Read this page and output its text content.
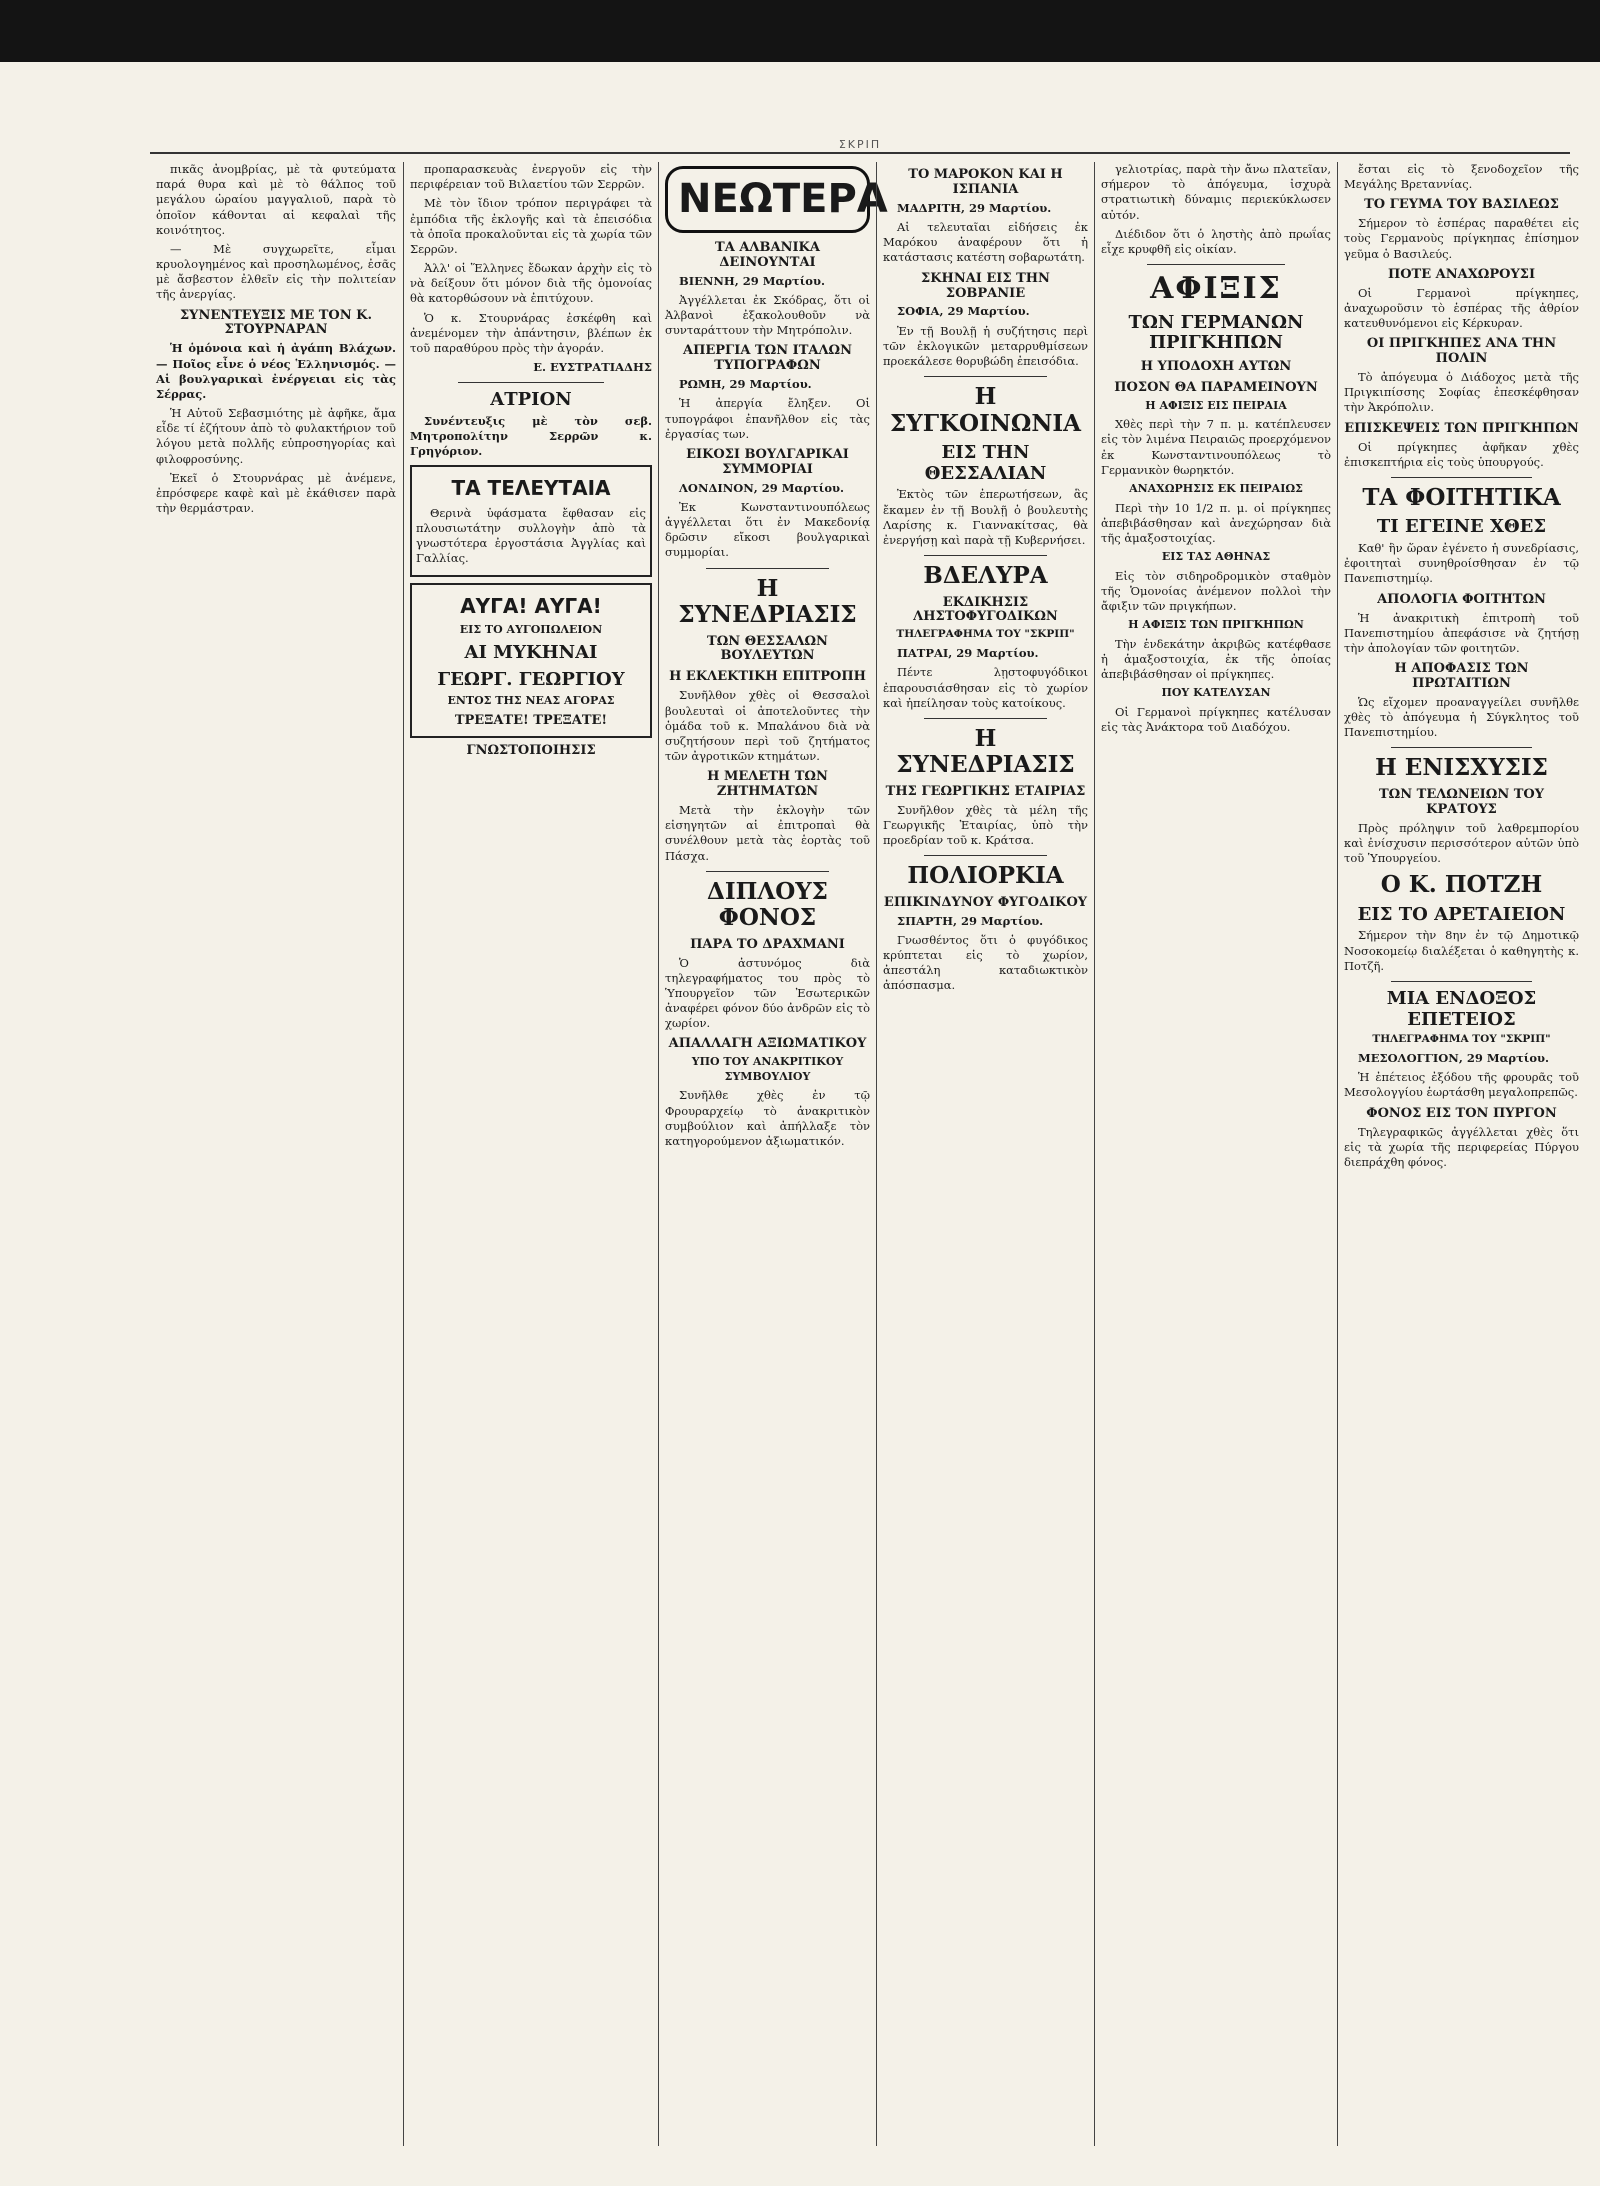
ΣΚΡΙΠ

πικᾶς ἀνομβρίας, μὲ τὰ φυτεύματα παρά θυρα καὶ μὲ τὸ θάλπος τοῦ μεγάλου ὠραίου μαγγαλιοῦ, παρὰ τὸ ὁποῖον κάθονται αἱ κεφαλαὶ τῆς κοινότητος.

— Μὲ συγχωρεῖτε, εἶμαι κρυολογημένος καὶ προσηλωμένος, ἐσᾶς μὲ ἄσβεστον ἐλθεῖν εἰς τὴν πολιτείαν τῆς ἀνεργίας.

ΣΥΝΕΝΤΕΥΞΙΣ ΜΕ ΤΟΝ Κ. ΣΤΟΥΡΝΑΡΑΝ

Ἡ ὁμόνοια καὶ ἡ ἀγάπη Βλάχων. — Ποῖος εἶνε ὁ νέος Ἑλληνισμός. — Αἱ βουλγαρικαὶ ἐνέργειαι εἰς τὰς Σέρρας.

Ἡ Αὐτοῦ Σεβασμιότης μὲ ἀφῆκε, ἄμα εἶδε τί ἐζήτουν ἀπὸ τὸ φυλακτήριον τοῦ λόγου μετὰ πολλῆς εὐπροσηγορίας καὶ φιλοφροσύνης.

Ἐκεῖ ὁ Στουρνάρας μὲ ἀνέμενε, ἐπρόσφερε καφὲ καὶ μὲ ἐκάθισεν παρὰ τὴν θερμάστραν.

προπαρασκευὰς ἐνεργοῦν εἰς τὴν περιφέρειαν τοῦ Βιλαετίου τῶν Σερρῶν.

Μὲ τὸν ἴδιον τρόπον περιγράφει τὰ ἐμπόδια τῆς ἐκλογῆς καὶ τὰ ἐπεισόδια τὰ ὁποῖα προκαλοῦνται εἰς τὰ χωρία τῶν Σερρῶν.

Ἀλλ' οἱ Ἕλληνες ἔδωκαν ἀρχὴν εἰς τὸ νὰ δείξουν ὅτι μόνον διὰ τῆς ὁμονοίας θὰ κατορθώσουν νὰ ἐπιτύχουν.

Ὁ κ. Στουρνάρας ἐσκέφθη καὶ ἀνεμένομεν τὴν ἀπάντησιν, βλέπων ἐκ τοῦ παραθύρου πρὸς τὴν ἀγοράν.

Ε. ΕΥΣΤΡΑΤΙΑΔΗΣ
ΑΤΡΙΟΝ

Συνέντευξις μὲ τὸν σεβ. Μητροπολίτην Σερρῶν κ. Γρηγόριον.

ΤΑ ΤΕΛΕΥΤΑΙΑ

Θερινὰ ὑφάσματα ἔφθασαν εἰς πλουσιωτάτην συλλογὴν ἀπὸ τὰ γνωστότερα ἐργοστάσια Ἀγγλίας καὶ Γαλλίας.

ΑΥΓΑ! ΑΥΓΑ!
ΕΙΣ ΤΟ ΑΥΓΟΠΩΛΕΙΟΝ
ΑΙ ΜΥΚΗΝΑΙ
ΓΕΩΡΓ. ΓΕΩΡΓΙΟΥ
ΕΝΤΟΣ ΤΗΣ ΝΕΑΣ ΑΓΟΡΑΣ
ΤΡΕΞΑΤΕ! ΤΡΕΞΑΤΕ!
ΓΝΩΣΤΟΠΟΙΗΣΙΣ
Ν Ε Ω Τ Ε Ρ Α
ΤΑ ΑΛΒΑΝΙΚΑ ΔΕΙΝΟΥΝΤΑΙ

ΒΙΕΝΝΗ, 29 Μαρτίου.

Ἀγγέλλεται ἐκ Σκόδρας, ὅτι οἱ Ἀλβανοὶ ἐξακολουθοῦν νὰ συνταράττουν τὴν Μητρόπολιν.

ΑΠΕΡΓΙΑ ΤΩΝ ΙΤΑΛΩΝ ΤΥΠΟΓΡΑΦΩΝ

ΡΩΜΗ, 29 Μαρτίου.

Ἡ ἀπεργία ἔληξεν. Οἱ τυπογράφοι ἐπανῆλθον εἰς τὰς ἐργασίας των.

ΕΙΚΟΣΙ ΒΟΥΛΓΑΡΙΚΑΙ ΣΥΜΜΟΡΙΑΙ

ΛΟΝΔΙΝΟΝ, 29 Μαρτίου.

Ἐκ Κωνσταντινουπόλεως ἀγγέλλεται ὅτι ἐν Μακεδονίᾳ δρῶσιν εἴκοσι βουλγαρικαὶ συμμορίαι.

Η ΣΥΝΕΔΡΙΑΣΙΣ
ΤΩΝ ΘΕΣΣΑΛΩΝ ΒΟΥΛΕΥΤΩΝ
Η ΕΚΛΕΚΤΙΚΗ ΕΠΙΤΡΟΠΗ

Συνῆλθον χθὲς οἱ Θεσσαλοὶ βουλευταὶ οἱ ἀποτελοῦντες τὴν ὁμάδα τοῦ κ. Μπαλάνου διὰ νὰ συζητήσουν περὶ τοῦ ζητήματος τῶν ἀγροτικῶν κτημάτων.

Η ΜΕΛΕΤΗ ΤΩΝ ΖΗΤΗΜΑΤΩΝ

Μετὰ τὴν ἐκλογὴν τῶν εἰσηγητῶν αἱ ἐπιτροπαὶ θὰ συνέλθουν μετὰ τὰς ἑορτὰς τοῦ Πάσχα.

ΔΙΠΛΟΥΣ ΦΟΝΟΣ
ΠΑΡΑ ΤΟ ΔΡΑΧΜΑΝΙ

Ὁ ἀστυνόμος διὰ τηλεγραφήματος του πρὸς τὸ Ὑπουργεῖον τῶν Ἐσωτερικῶν ἀναφέρει φόνον δύο ἀνδρῶν εἰς τὸ χωρίον.

ΑΠΑΛΛΑΓΗ ΑΞΙΩΜΑΤΙΚΟΥ
ΥΠΟ ΤΟΥ ΑΝΑΚΡΙΤΙΚΟΥ ΣΥΜΒΟΥΛΙΟΥ

Συνῆλθε χθὲς ἐν τῷ Φρουραρχείῳ τὸ ἀνακριτικὸν συμβούλιον καὶ ἀπήλλαξε τὸν κατηγορούμενον ἀξιωματικόν.

ΤΟ ΜΑΡΟΚΟΝ ΚΑΙ Η ΙΣΠΑΝΙΑ

ΜΑΔΡΙΤΗ, 29 Μαρτίου.

Αἱ τελευταῖαι εἰδήσεις ἐκ Μαρόκου ἀναφέρουν ὅτι ἡ κατάστασις κατέστη σοβαρωτάτη.

ΣΚΗΝΑΙ ΕΙΣ ΤΗΝ ΣΟΒΡΑΝΙΕ

ΣΟΦΙΑ, 29 Μαρτίου.

Ἐν τῇ Βουλῇ ἡ συζήτησις περὶ τῶν ἐκλογικῶν μεταρρυθμίσεων προεκάλεσε θορυβώδη ἐπεισόδια.

Η ΣΥΓΚΟΙΝΩΝΙΑ
ΕΙΣ ΤΗΝ ΘΕΣΣΑΛΙΑΝ

Ἐκτὸς τῶν ἐπερωτήσεων, ἃς ἔκαμεν ἐν τῇ Βουλῇ ὁ βουλευτὴς Λαρίσης κ. Γιαννακίτσας, θὰ ἐνεργήσῃ καὶ παρὰ τῇ Κυβερνήσει.

ΒΔΕΛΥΡΑ
ΕΚΔΙΚΗΣΙΣ ΛΗΣΤΟΦΥΓΟΔΙΚΩΝ
ΤΗΛΕΓΡΑΦΗΜΑ ΤΟΥ "ΣΚΡΙΠ"

ΠΑΤΡΑΙ, 29 Μαρτίου.

Πέντε λῃστοφυγόδικοι ἐπαρουσιάσθησαν εἰς τὸ χωρίον καὶ ἠπείλησαν τοὺς κατοίκους.

Η ΣΥΝΕΔΡΙΑΣΙΣ
ΤΗΣ ΓΕΩΡΓΙΚΗΣ ΕΤΑΙΡΙΑΣ

Συνῆλθον χθὲς τὰ μέλη τῆς Γεωργικῆς Ἑταιρίας, ὑπὸ τὴν προεδρίαν τοῦ κ. Κράτσα.

ΠΟΛΙΟΡΚΙΑ
ΕΠΙΚΙΝΔΥΝΟΥ ΦΥΓΟΔΙΚΟΥ

ΣΠΑΡΤΗ, 29 Μαρτίου.

Γνωσθέντος ὅτι ὁ φυγόδικος κρύπτεται εἰς τὸ χωρίον, ἀπεστάλη καταδιωκτικὸν ἀπόσπασμα.

γελιοτρίας, παρὰ τὴν ἄνω πλατεῖαν, σήμερον τὸ ἀπόγευμα, ἰσχυρὰ στρατιωτικὴ δύναμις περιεκύκλωσεν αὐτόν.

Διέδιδον ὅτι ὁ ληστὴς ἀπὸ πρωΐας εἶχε κρυφθῆ εἰς οἰκίαν.

ΑΦΙΞΙΣ
ΤΩΝ ΓΕΡΜΑΝΩΝ ΠΡΙΓΚΗΠΩΝ
Η ΥΠΟΔΟΧΗ ΑΥΤΩΝ
ΠΟΣΟΝ ΘΑ ΠΑΡΑΜΕΙΝΟΥΝ
Η ΑΦΙΞΙΣ ΕΙΣ ΠΕΙΡΑΙΑ

Χθὲς περὶ τὴν 7 π. μ. κατέπλευσεν εἰς τὸν λιμένα Πειραιῶς προερχόμενον ἐκ Κωνσταντινουπόλεως τὸ Γερμανικὸν θωρηκτόν.

ΑΝΑΧΩΡΗΣΙΣ ΕΚ ΠΕΙΡΑΙΩΣ

Περὶ τὴν 10 1/2 π. μ. οἱ πρίγκηπες ἀπεβιβάσθησαν καὶ ἀνεχώρησαν διὰ τῆς ἁμαξοστοιχίας.

ΕΙΣ ΤΑΣ ΑΘΗΝΑΣ

Εἰς τὸν σιδηροδρομικὸν σταθμὸν τῆς Ὁμονοίας ἀνέμενον πολλοὶ τὴν ἄφιξιν τῶν πριγκήπων.

Η ΑΦΙΞΙΣ ΤΩΝ ΠΡΙΓΚΗΠΩΝ

Τὴν ἑνδεκάτην ἀκριβῶς κατέφθασε ἡ ἁμαξοστοιχία, ἐκ τῆς ὁποίας ἀπεβιβάσθησαν οἱ πρίγκηπες.

ΠΟΥ ΚΑΤΕΛΥΣΑΝ

Οἱ Γερμανοὶ πρίγκηπες κατέλυσαν εἰς τὰς Ἀνάκτορα τοῦ Διαδόχου.

ἔσται εἰς τὸ ξενοδοχεῖον τῆς Μεγάλης Βρεταννίας.

ΤΟ ΓΕΥΜΑ ΤΟΥ ΒΑΣΙΛΕΩΣ

Σήμερον τὸ ἑσπέρας παραθέτει εἰς τοὺς Γερμανοὺς πρίγκηπας ἐπίσημον γεῦμα ὁ Βασιλεύς.

ΠΟΤΕ ΑΝΑΧΩΡΟΥΣΙ

Οἱ Γερμανοὶ πρίγκηπες, ἀναχωροῦσιν τὸ ἑσπέρας τῆς ἀθρίον κατευθυνόμενοι εἰς Κέρκυραν.

ΟΙ ΠΡΙΓΚΗΠΕΣ ΑΝΑ ΤΗΝ ΠΟΛΙΝ

Τὸ ἀπόγευμα ὁ Διάδοχος μετὰ τῆς Πριγκιπίσσης Σοφίας ἐπεσκέφθησαν τὴν Ἀκρόπολιν.

ΕΠΙΣΚΕΨΕΙΣ ΤΩΝ ΠΡΙΓΚΗΠΩΝ

Οἱ πρίγκηπες ἀφῆκαν χθὲς ἐπισκεπτήρια εἰς τοὺς ὑπουργούς.

ΤΑ ΦΟΙΤΗΤΙΚΑ
ΤΙ ΕΓΕΙΝΕ ΧΘΕΣ

Καθ' ἣν ὥραν ἐγένετο ἡ συνεδρίασις, ἐφοιτηταὶ συνηθροίσθησαν ἐν τῷ Πανεπιστημίῳ.

ΑΠΟΛΟΓΙΑ ΦΟΙΤΗΤΩΝ

Ἡ ἀνακριτικὴ ἐπιτροπὴ τοῦ Πανεπιστημίου ἀπεφάσισε νὰ ζητήσῃ τὴν ἀπολογίαν τῶν φοιτητῶν.

Η ΑΠΟΦΑΣΙΣ ΤΩΝ ΠΡΩΤΑΙΤΙΩΝ

Ὡς εἴχομεν προαναγγείλει συνῆλθε χθὲς τὸ ἀπόγευμα ἡ Σύγκλητος τοῦ Πανεπιστημίου.

Η ΕΝΙΣΧΥΣΙΣ
ΤΩΝ ΤΕΛΩΝΕΙΩΝ ΤΟΥ ΚΡΑΤΟΥΣ

Πρὸς πρόληψιν τοῦ λαθρεμπορίου καὶ ἐνίσχυσιν περισσότερον αὐτῶν ὑπὸ τοῦ Ὑπουργείου.

Ο Κ. ΠΟΤΖΗ
ΕΙΣ ΤΟ ΑΡΕΤΑΙΕΙΟΝ

Σήμερον τὴν 8ην ἐν τῷ Δημοτικῷ Νοσοκομείῳ διαλέξεται ὁ καθηγητὴς κ. Ποτζῆ.

ΜΙΑ ΕΝΔΟΞΟΣ ΕΠΕΤΕΙΟΣ
ΤΗΛΕΓΡΑΦΗΜΑ ΤΟΥ "ΣΚΡΙΠ"

ΜΕΣΟΛΟΓΓΙΟΝ, 29 Μαρτίου.

Ἡ ἐπέτειος ἐξόδου τῆς φρουρᾶς τοῦ Μεσολογγίου ἑωρτάσθη μεγαλοπρεπῶς.

ΦΟΝΟΣ ΕΙΣ ΤΟΝ ΠΥΡΓΟΝ

Τηλεγραφικῶς ἀγγέλλεται χθὲς ὅτι εἰς τὰ χωρία τῆς περιφερείας Πύργου διεπράχθη φόνος.
